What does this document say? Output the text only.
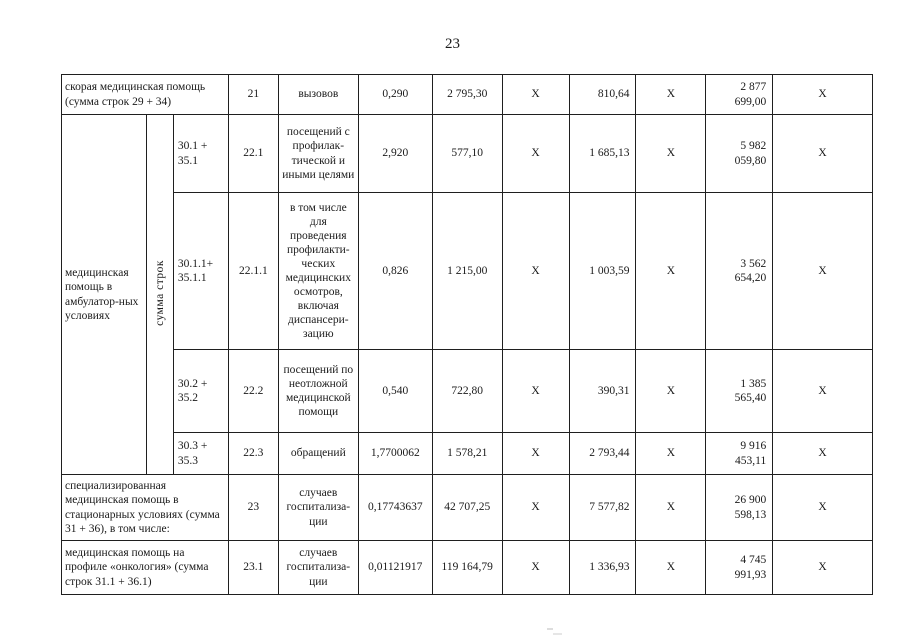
23
скорая медицинская помощь (сумма строк 29 + 34)			21	вызовов	0,290	2 795,30	X	810,64	X	2 877 699,00	X
медицинская помощь в амбулатор-ных условиях	сумма строк	30.1 + 35.1	22.1	посещений с профилак-тической и иными целями	2,920	577,10	X	1 685,13	X	5 982 059,80	X
		30.1.1+ 35.1.1	22.1.1	в том числе для проведения профилакти-ческих медицинских осмотров, включая диспансери-зацию	0,826	1 215,00	X	1 003,59	X	3 562 654,20	X
		30.2 + 35.2	22.2	посещений по неотложной медицинской помощи	0,540	722,80	X	390,31	X	1 385 565,40	X
		30.3 + 35.3	22.3	обращений	1,7700062	1 578,21	X	2 793,44	X	9 916 453,11	X
специализированная медицинская помощь в стационарных условиях (сумма 31 + 36), в том числе:			23	случаев госпитализа-ции	0,17743637	42 707,25	X	7 577,82	X	26 900 598,13	X
медицинская помощь на профиле «онкология» (сумма строк 31.1 + 36.1)			23.1	случаев госпитализа-ции	0,01121917	119 164,79	X	1 336,93	X	4 745 991,93	X
